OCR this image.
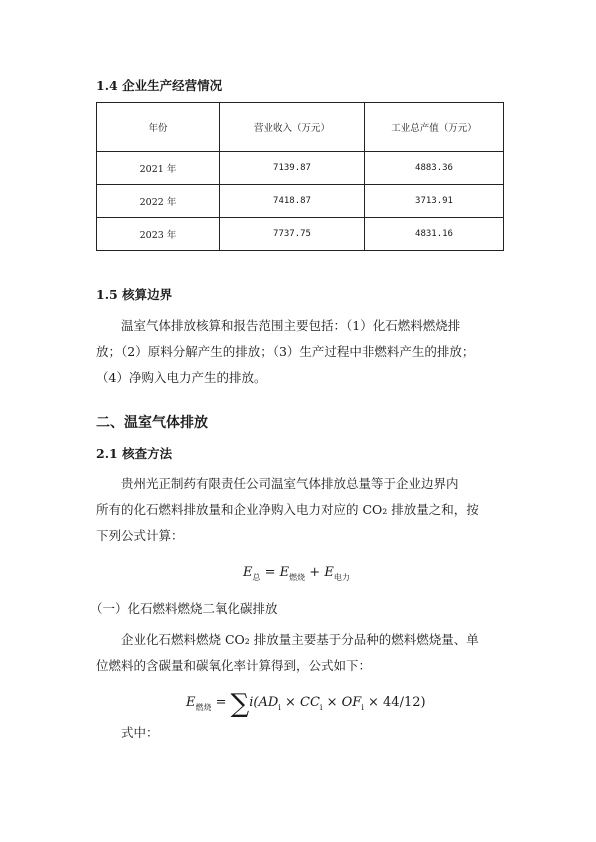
1.4 企业生产经营情况
年份	营业收入（万元）	工业总产值（万元）
2021 年	7139.87	4883.36
2022 年	7418.87	3713.91
2023 年	7737.75	4831.16
1.5 核算边界
温室气体排放核算和报告范围主要包括：（1）化石燃料燃烧排
放；（2）原料分解产生的排放；（3）生产过程中非燃料产生的排放；
（4）净购入电力产生的排放。
二、温室气体排放
2.1 核查方法
贵州光正制药有限责任公司温室气体排放总量等于企业边界内
所有的化石燃料排放量和企业净购入电力对应的 CO₂ 排放量之和，按
下列公式计算：
$E_总 = E_{燃烧} + E_{电力}$
（一）化石燃料燃烧二氧化碳排放
企业化石燃料燃烧 CO₂ 排放量主要基于分品种的燃料燃烧量、单
位燃料的含碳量和碳氧化率计算得到，公式如下：
$E_{燃烧} = \sum i(AD_i \times CC_i \times OF_i \times 44/12)$
式中：
